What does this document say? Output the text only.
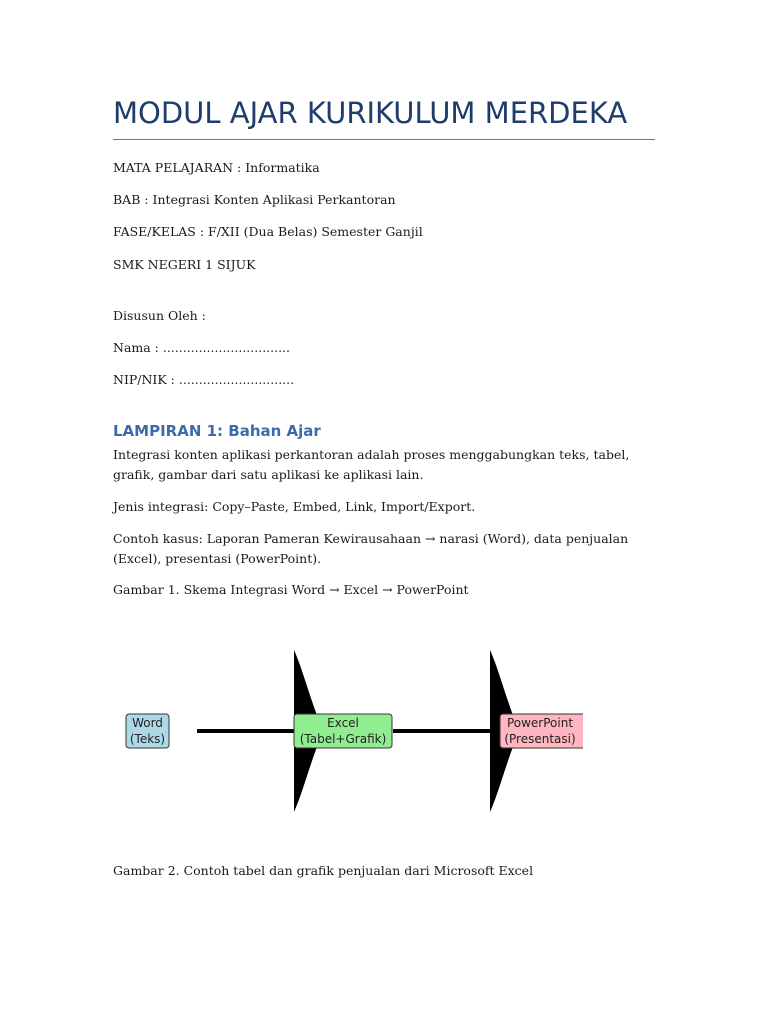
MODUL AJAR KURIKULUM MERDEKA

MATA PELAJARAN : Informatika

BAB : Integrasi Konten Aplikasi Perkantoran

FASE/KELAS : F/XII (Dua Belas) Semester Ganjil

SMK NEGERI 1 SIJUK

Disusun Oleh :

Nama : ................................

NIP/NIK : .............................

LAMPIRAN 1: Bahan Ajar

Integrasi konten aplikasi perkantoran adalah proses menggabungkan teks, tabel, grafik, gambar dari satu aplikasi ke aplikasi lain.

Jenis integrasi: Copy–Paste, Embed, Link, Import/Export.

Contoh kasus: Laporan Pameran Kewirausahaan → narasi (Word), data penjualan (Excel), presentasi (PowerPoint).

Gambar 1. Skema Integrasi Word → Excel → PowerPoint

Gambar 2. Contoh tabel dan grafik penjualan dari Microsoft Excel

Word
(Teks)
Excel
(Tabel+Grafik)
PowerPoint
(Presentasi)
